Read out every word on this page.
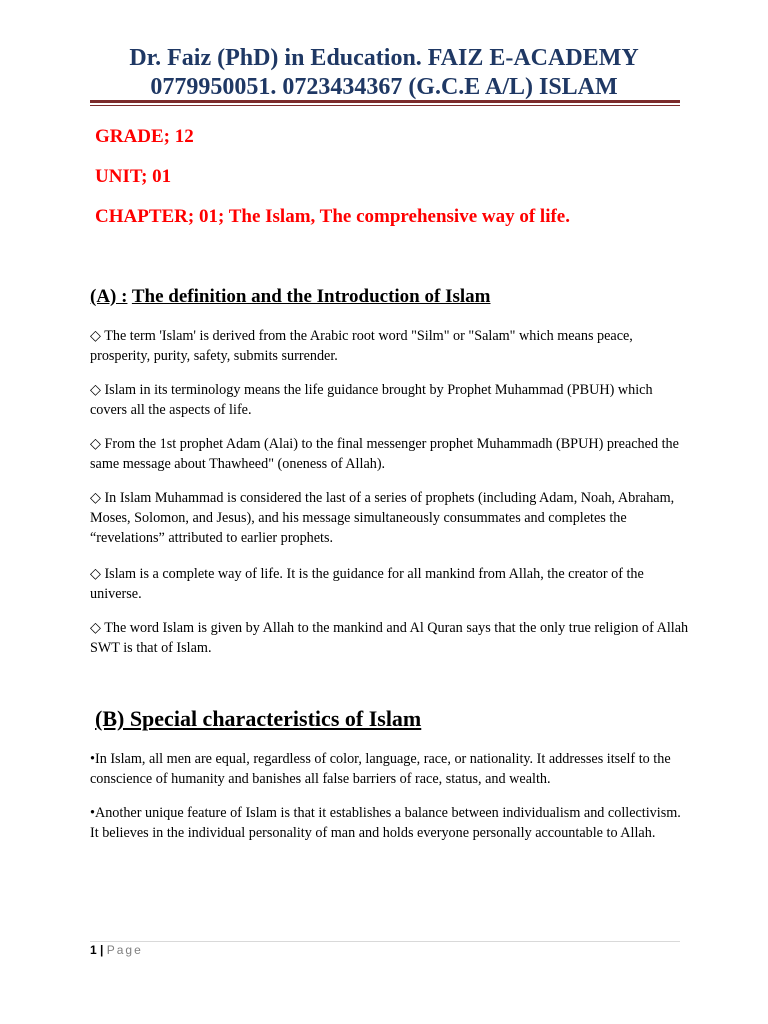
Dr. Faiz (PhD) in Education. FAIZ E-ACADEMY
0779950051. 0723434367 (G.C.E A/L) ISLAM
GRADE; 12
UNIT; 01
CHAPTER; 01; The Islam, The comprehensive way of life.
(A) : The definition and the Introduction of Islam
◇ The term 'Islam' is derived from the Arabic root word "Silm" or "Salam" which means peace, prosperity, purity, safety, submits surrender.
◇ Islam in its terminology means the life guidance brought by Prophet Muhammad (PBUH) which covers all the aspects of life.
◇ From the 1st prophet Adam (Alai) to the final messenger prophet Muhammadh (BPUH) preached the same message about Thawheed" (oneness of Allah).
◇ In Islam Muhammad is considered the last of a series of prophets (including Adam, Noah, Abraham, Moses, Solomon, and Jesus), and his message simultaneously consummates and completes the “revelations” attributed to earlier prophets.
◇ Islam is a complete way of life. It is the guidance for all mankind from Allah, the creator of the universe.
◇ The word Islam is given by Allah to the mankind and Al Quran says that the only true religion of Allah SWT is that of Islam.
(B) Special characteristics of Islam
•In Islam, all men are equal, regardless of color, language, race, or nationality. It addresses itself to the conscience of humanity and banishes all false barriers of race, status, and wealth.
•Another unique feature of Islam is that it establishes a balance between individualism and collectivism. It believes in the individual personality of man and holds everyone personally accountable to Allah.
1 | Page
